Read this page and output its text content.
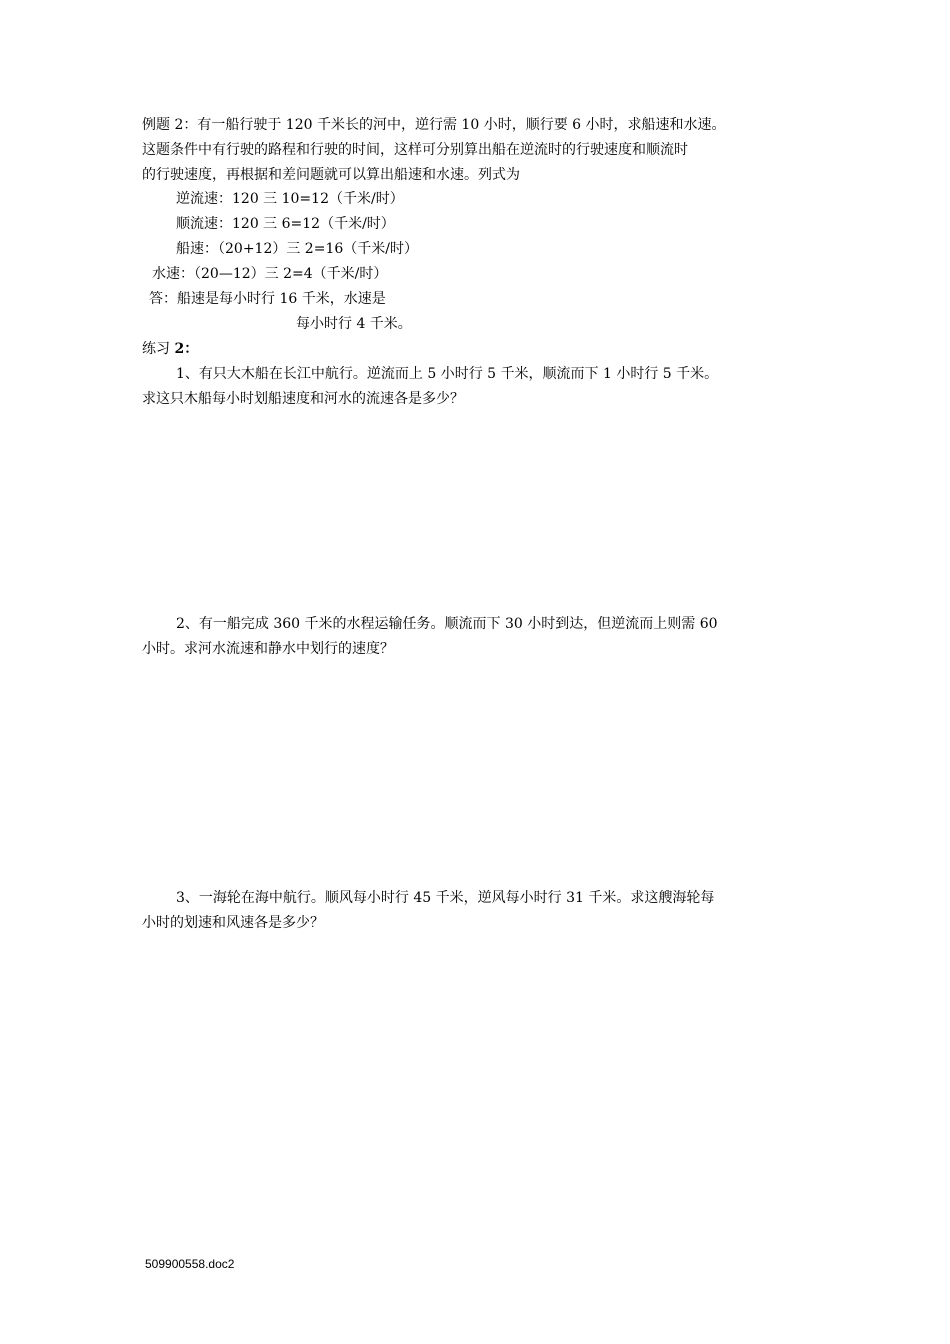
例题 2：有一船行驶于 120 千米长的河中，逆行需 10 小时，顺行要 6 小时，求船速和水速。
这题条件中有行驶的路程和行驶的时间，这样可分别算出船在逆流时的行驶速度和顺流时
的行驶速度，再根据和差问题就可以算出船速和水速。列式为
逆流速：120 三 10=12（千米/时）
顺流速：120 三 6=12（千米/时）
船速：（20+12）三 2=16（千米/时）
水速：（20—12）三 2=4（千米/时）
答：船速是每小时行 16 千米，水速是
每小时行 4 千米。
练习 2：
1、有只大木船在长江中航行。逆流而上 5 小时行 5 千米，顺流而下 1 小时行 5 千米。
求这只木船每小时划船速度和河水的流速各是多少？
2、有一船完成 360 千米的水程运输任务。顺流而下 30 小时到达，但逆流而上则需 60
小时。求河水流速和静水中划行的速度？
3、一海轮在海中航行。顺风每小时行 45 千米，逆风每小时行 31 千米。求这艘海轮每
小时的划速和风速各是多少？
509900558.doc2
